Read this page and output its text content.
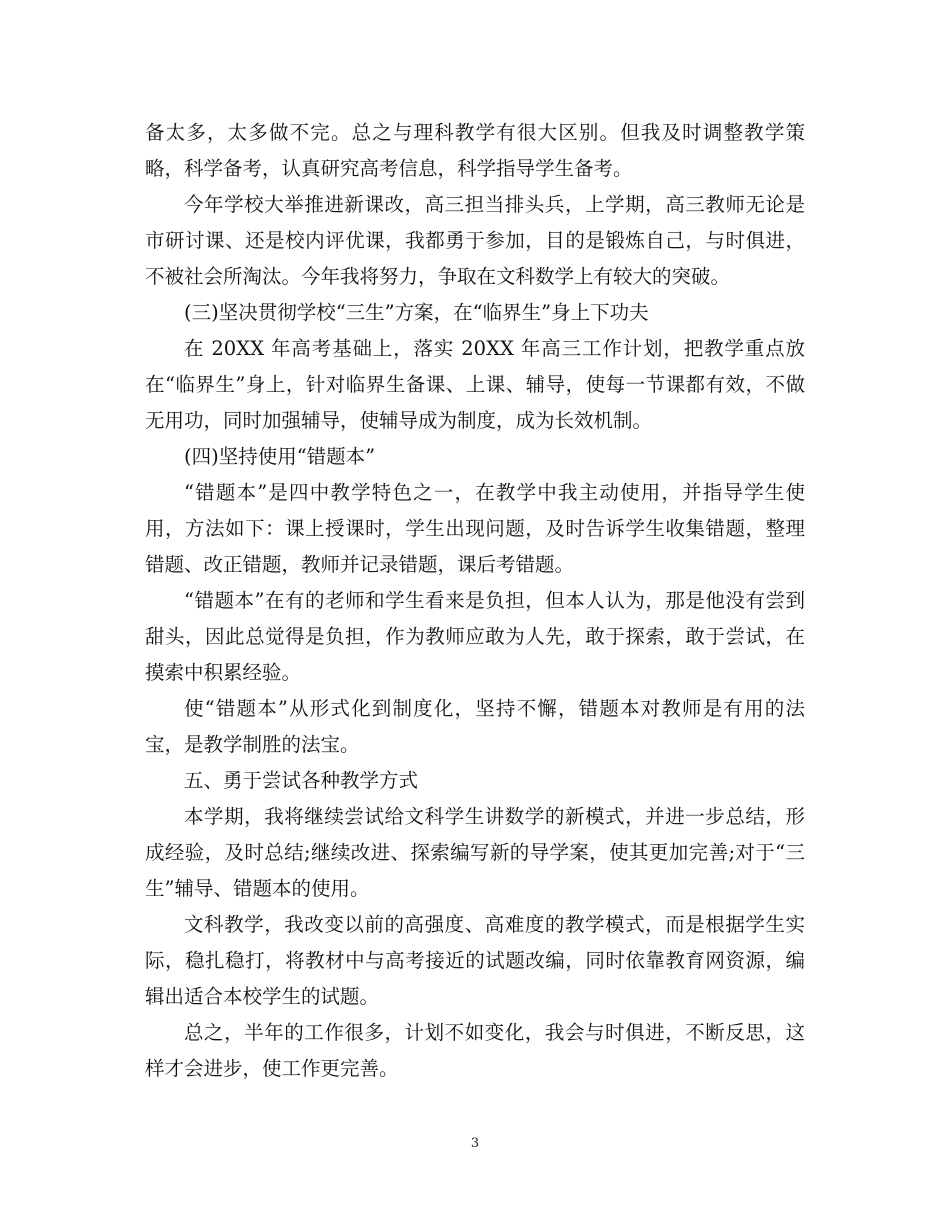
备太多，太多做不完。总之与理科教学有很大区别。但我及时调整教学策略，科学备考，认真研究高考信息，科学指导学生备考。

今年学校大举推进新课改，高三担当排头兵，上学期，高三教师无论是市研讨课、还是校内评优课，我都勇于参加，目的是锻炼自己，与时俱进，不被社会所淘汰。今年我将努力，争取在文科数学上有较大的突破。

(三)坚决贯彻学校“三生”方案，在“临界生”身上下功夫

在 20XX 年高考基础上，落实 20XX 年高三工作计划，把教学重点放在“临界生”身上，针对临界生备课、上课、辅导，使每一节课都有效，不做无用功，同时加强辅导，使辅导成为制度，成为长效机制。

(四)坚持使用“错题本”

“错题本”是四中教学特色之一，在教学中我主动使用，并指导学生使用，方法如下：课上授课时，学生出现问题，及时告诉学生收集错题，整理错题、改正错题，教师并记录错题，课后考错题。

“错题本”在有的老师和学生看来是负担，但本人认为，那是他没有尝到甜头，因此总觉得是负担，作为教师应敢为人先，敢于探索，敢于尝试，在摸索中积累经验。

使“错题本”从形式化到制度化，坚持不懈，错题本对教师是有用的法宝，是教学制胜的法宝。

五、勇于尝试各种教学方式

本学期，我将继续尝试给文科学生讲数学的新模式，并进一步总结，形成经验，及时总结;继续改进、探索编写新的导学案，使其更加完善;对于“三生”辅导、错题本的使用。

文科教学，我改变以前的高强度、高难度的教学模式，而是根据学生实际，稳扎稳打，将教材中与高考接近的试题改编，同时依靠教育网资源，编辑出适合本校学生的试题。

总之，半年的工作很多，计划不如变化，我会与时俱进，不断反思，这样才会进步，使工作更完善。

3
